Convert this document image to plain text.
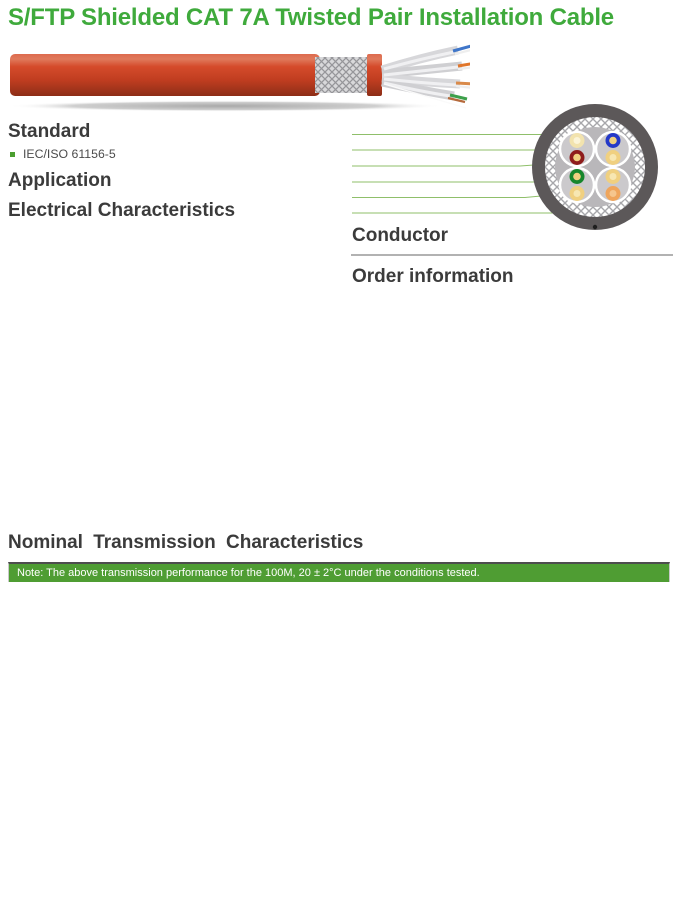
S/FTP Shielded CAT 7A Twisted Pair Installation Cable
Standard
IEC/ISO 61156-5
Application
Electrical Characteristics
Conductor
Order information
Nominal Transmission Characteristics

Note: The above transmission performance for the 100M, 20 ± 2°C under the conditions tested.
